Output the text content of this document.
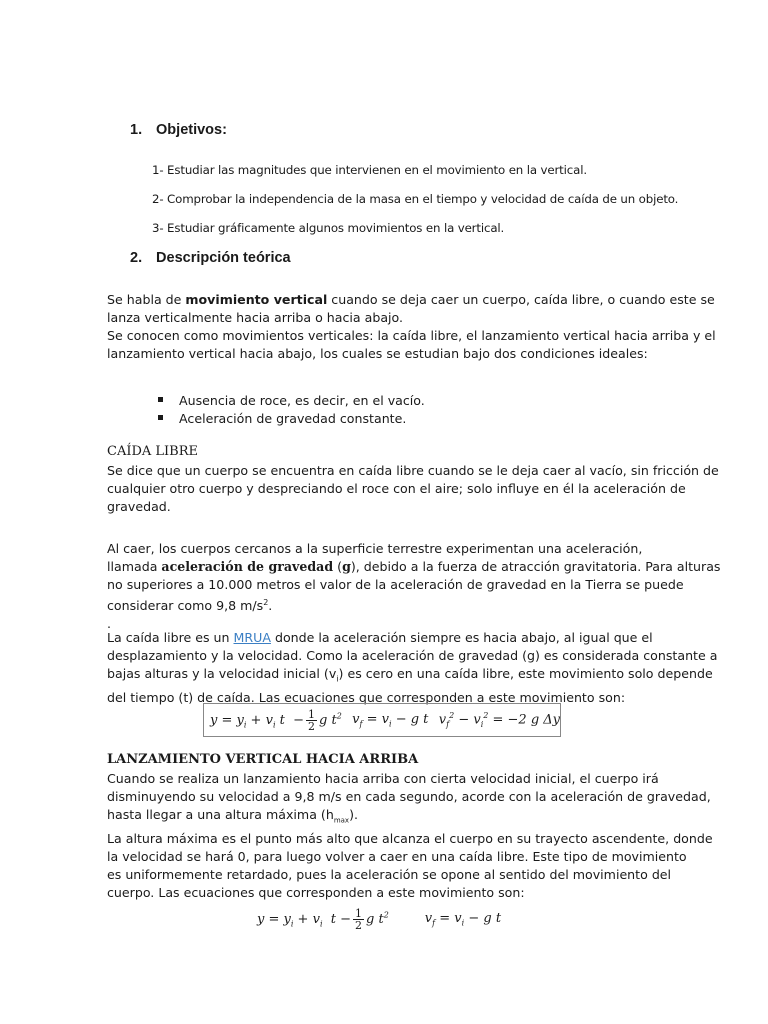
1. Objetivos:
1- Estudiar las magnitudes que intervienen en el movimiento en la vertical.
2- Comprobar la independencia de la masa en el tiempo y velocidad de caída de un objeto.
3- Estudiar gráficamente algunos movimientos en la vertical.
2. Descripción teórica
Se habla de movimiento vertical cuando se deja caer un cuerpo, caída libre, o cuando este se
lanza verticalmente hacia arriba o hacia abajo.
Se conocen como movimientos verticales: la caída libre, el lanzamiento vertical hacia arriba y el
lanzamiento vertical hacia abajo, los cuales se estudian bajo dos condiciones ideales:
Ausencia de roce, es decir, en el vacío.
Aceleración de gravedad constante.
CAÍDA LIBRE
Se dice que un cuerpo se encuentra en caída libre cuando se le deja caer al vacío, sin fricción de
cualquier otro cuerpo y despreciando el roce con el aire; solo influye en él la aceleración de
gravedad.
Al caer, los cuerpos cercanos a la superficie terrestre experimentan una aceleración,
llamada aceleración de gravedad (g), debido a la fuerza de atracción gravitatoria. Para alturas
no superiores a 10.000 metros el valor de la aceleración de gravedad en la Tierra se puede
considerar como 9,8 $m/s^2$.
.
La caída libre es un MRUA donde la aceleración siempre es hacia abajo, al igual que el
desplazamiento y la velocidad. Como la aceleración de gravedad (g) es considerada constante a
bajas alturas y la velocidad inicial $(v_i)$ es cero en una caída libre, este movimiento solo depende
del tiempo (t) de caída. Las ecuaciones que corresponden a este movimiento son:
$y = y_i + v_i$ $t - \frac{1}{2}$ g $t^2$ $v_f = v_i - g$ t $v_f^2 - v_i^2 = -2$ g Δy
LANZAMIENTO VERTICAL HACIA ARRIBA
Cuando se realiza un lanzamiento hacia arriba con cierta velocidad inicial, el cuerpo irá
disminuyendo su velocidad a 9,8 m/s en cada segundo, acorde con la aceleración de gravedad,
hasta llegar a una altura máxima $(h_{max})$.
La altura máxima es el punto más alto que alcanza el cuerpo en su trayecto ascendente, donde
la velocidad se hará 0, para luego volver a caer en una caída libre. Este tipo de movimiento
es uniformemente retardado, pues la aceleración se opone al sentido del movimiento del
cuerpo. Las ecuaciones que corresponden a este movimiento son:
$y = y_i + v_i$  $t - \frac{1}{2}$ g $t^2$	$v_f = v_i - g$ t
